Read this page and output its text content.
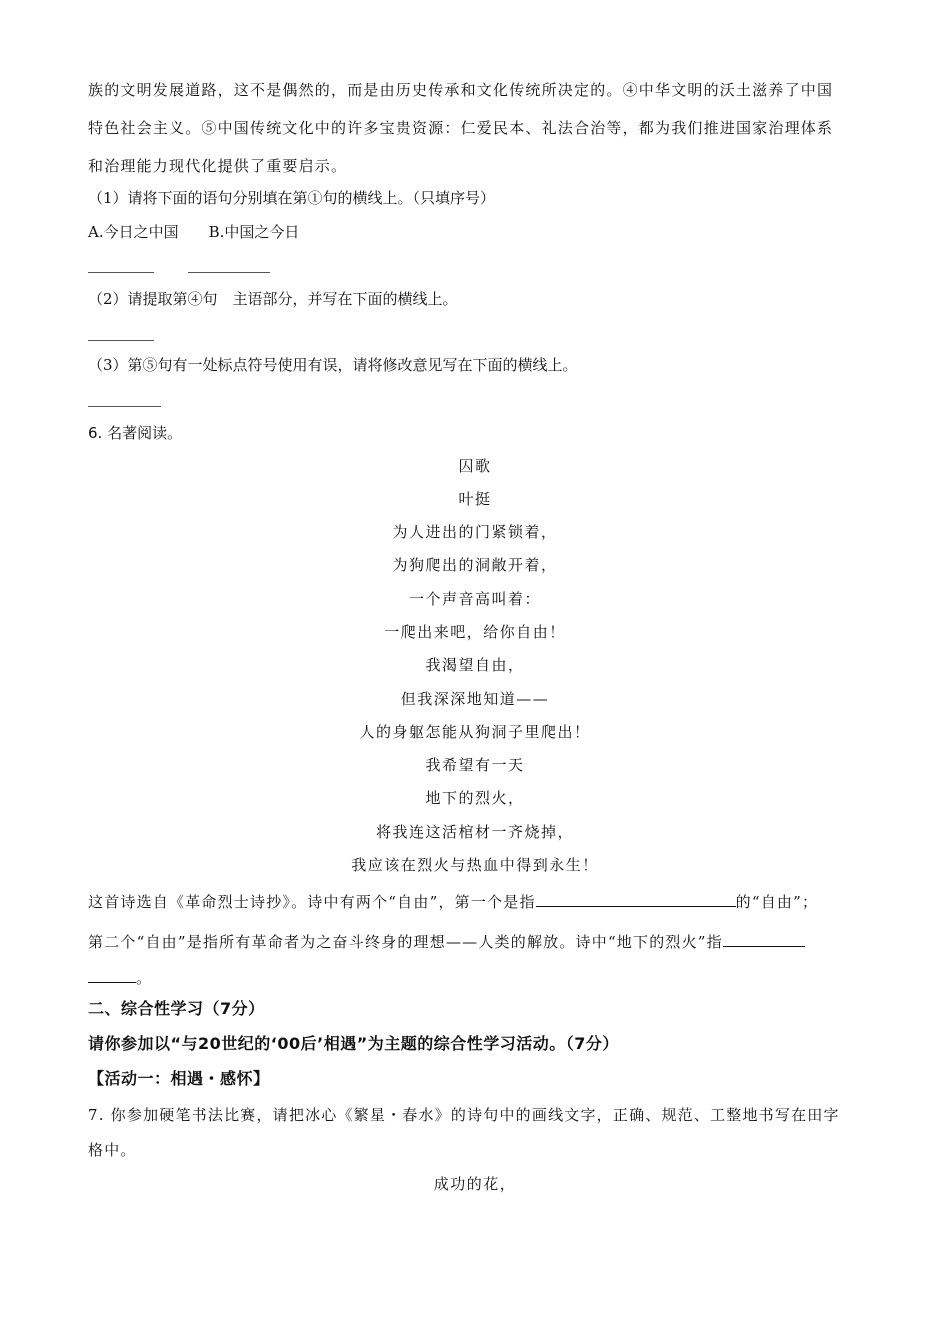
族的文明发展道路，这不是偶然的，而是由历史传承和文化传统所决定的。④中华文明的沃土滋养了中国
特色社会主义。⑤中国传统文化中的许多宝贵资源：仁爱民本、礼法合治等，都为我们推进国家治理体系
和治理能力现代化提供了重要启示。
（1）请将下面的语句分别填在第①句的横线上。（只填序号）
A.今日之中国　　B.中国之今日
（2）请提取第④句　主语部分，并写在下面的横线上。
（3）第⑤句有一处标点符号使用有误，请将修改意见写在下面的横线上。
6. 名著阅读。
囚歌
叶挺
为人进出的门紧锁着，
为狗爬出的洞敞开着，
一个声音高叫着：
一爬出来吧，给你自由！
我渴望自由，
但我深深地知道——
人的身躯怎能从狗洞子里爬出！
我希望有一天
地下的烈火，
将我连这活棺材一齐烧掉，
我应该在烈火与热血中得到永生！
这首诗选自《革命烈士诗抄》。诗中有两个“自由”，第一个是指	的“自由”；
第二个“自由”是指所有革命者为之奋斗终身的理想——人类的解放。诗中“地下的烈火”指
。
二、综合性学习（7分）
请你参加以“与20世纪的‘00后’相遇”为主题的综合性学习活动。（7分）
【活动一：相遇・感怀】
7. 你参加硬笔书法比赛，请把冰心《繁星・春水》的诗句中的画线文字，正确、规范、工整地书写在田字
格中。
成功的花，
